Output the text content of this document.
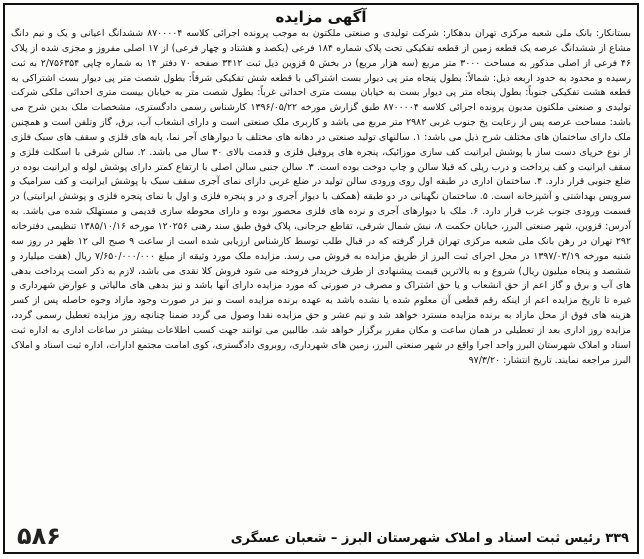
آگهی مزایده

بستانکار: بانک ملی شعبه مرکزی تهران بدهکار: شرکت تولیدی و صنعتی ملکتون به موجب پرونده اجرائی کلاسه ۸۷۰۰۰۰۴ ششدانگ اعیانی و یک و نیم دانگ مشاع از ششدانگ عرصه یک قطعه زمین از قطعه تفکیکی تحت پلاک شماره ۱۸۴ فرعی (یکصد و هشتاد و چهار فرعی) از ۱۷ اصلی مفروز و مجزی شده از پلاک ۴۶ فرعی از اصلی مذکور به مساحت ۳۰۰۰ متر مربع (سه هزار مربع) در بخش ۵ قزوین ذیل ثبت ۳۴۱۲ صفحه ۷۰ دفتر ۱۴ به شماره چاپی ۲/۷۵۶۳۵۴ به ثبت رسیده و محدود به حدود اربعه ذیل: شمالاً: بطول پنجاه متر پی دیوار بست اشتراکی با قطعه شش تفکیکی شرقاً: بطول شصت متر پی دیوار بست اشتراکی به قطعه هشت تفکیکی جنوباً: بطول پنجاه متر پی دیوار بست به خیابان بیست متری احداثی غرباً: بطول شصت متر به خیابان بیست متری احداثی ملکی شرکت تولیدی و صنعتی ملکتون مدیون پرونده اجرائی کلاسه ۸۷۰۰۰۰۴ طبق گزارش مورخه ۱۳۹۶/۰۵/۲۲ کارشناس رسمی دادگستری، مشخصات ملک بدین شرح می باشد: مساحت عرصه پس از رعایت پخ جنوب غربی ۲۹۸۲ متر مربع می باشد و کاربری ملک صنعتی است و دارای انشعاب آب، برق، گاز وتلفن است و همچنین ملک دارای ساختمان های مختلف شرح ذیل می باشد: ۱. سالنهای تولید صنعتی در دهانه های مختلف با دیوارهای آجر نما، پایه های فلزی و سقف های سبک فلزی از نوع خرپای دست ساز با پوشش ایرانیت کف سازی موزائیک، پنجره های پروفیل فلزی و قدمت بالای ۳۰ سال می باشد. ۲. سالن شرقی با اسکلت فلزی و سقف ایرانیت و کف پرداخت و درب ریلی که قبلا سالن و چاپ دوخت بوده است. ۳. سالن جنبی سالن اصلی با ارتفاع کمتر دارای پوشش لوله و ایرانیت بوده در ضلع جنوبی قرار دارد. ۴. ساختمان اداری در طبقه اول روی ورودی سالن تولید در ضلع غربی دارای نمای آجری سقف سبک با پوشش ایرانیت و کف سرامیک و سرویس بهداشتی و آشپزخانه است. ۵. ساختمان نگهبانی در دو طبقه (همکف با دیوار آجری و در و پنجره فلزی و اول با نمای پنجره فلزی و پوشش ایرانیتی) در قسمت ورودی جنوب غرب قرار دارد. ۶. ملک با دیوارهای آجری و نرده های فلزی محصور بوده و دارای محوطه سازی قدیمی و مستهلک شده می باشد. به آدرس: قزوین، شهر صنعتی البرز، خیابان حکمت ۸، نبش شمال شرقی، تقاطع جرجانی، پلاک فوق طبق سند رهنی ۱۲۰۲۵۶ مورخه ۱۳۸۵/۱۰/۱۶ تنظیمی دفترخانه ۲۹۲ تهران در رهن بانک ملی شعبه مرکزی تهران قرار گرفته که در قبال طلب توسط کارشناس ارزیابی شده است از ساعت ۹ صبح الی ۱۲ ظهر در روز سه شنبه مورخه ۱۳۹۷/۰۳/۱۹ در محل اجرای ثبت البرز از طریق مزایده به فروش می رسد. مزایده ملک مورد وثیقه از مبلغ ۷/۶۵۰/۰۰۰/۰۰۰ ریال (هفت میلیارد و ششصد و پنجاه میلیون ریال) شروع و به بالاترین قیمت پیشنهادی از طرف خریدار فروخته می شود فروش کلا نقدی می باشد، لازم به ذکر است پرداخت بدهی های آب و برق و گاز اعم از حق انشعاب و یا حق اشتراک و مصرف در صورتی که مورد مزایده دارای آنها باشد و نیز بدهی های مالیاتی و عوارض شهرداری و غیره تا تاریخ مزایده اعم از اینکه رقم قطعی آن معلوم شده یا نشده باشد به عهده برنده مزایده است و نیز در صورت وجود مازاد وجوه حاصله پس از کسر هزینه های فوق از محل مازاد به برنده مزایده مسترد خواهد شد و نیم عشر و حق مزایده نقدا وصول می گردد ضمنا چنانچه روز مزایده تعطیل رسمی گردد، مزایده روز اداری بعد از تعطیلی در همان ساعت و مکان مقرر برگزار خواهد شد. طالبین می توانند جهت کسب اطلاعات بیشتر در ساعات اداری به اداره ثبت اسناد و املاک شهرستان البرز واحد اجرا واقع در شهر صنعتی البرز، زمین های شهرداری، روبروی دادگستری، کوی امامت مجتمع ادارات، اداره ثبت اسناد و املاک البرز مراجعه نمایند. تاریخ انتشار: ۹۷/۳/۲۰

۳۳۹ رئیس ثبت اسناد و املاک شهرستان البرز – شعبان عسگری
۵۸۶
